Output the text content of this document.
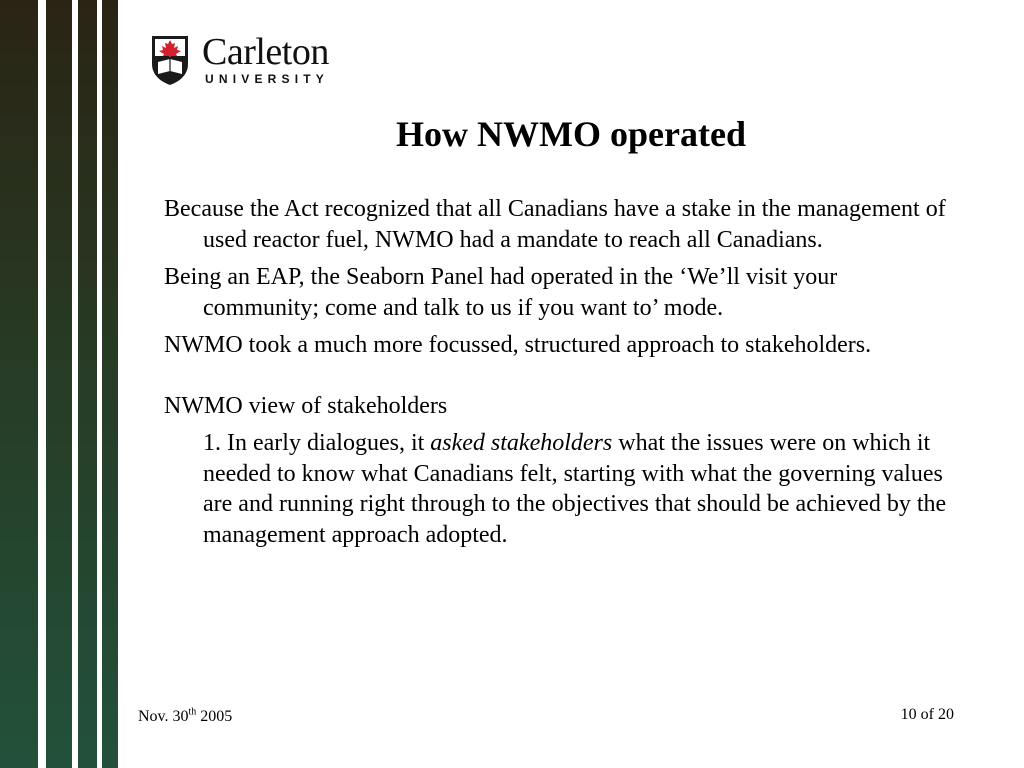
Carleton
UNIVERSITY
How NWMO operated

Because the Act recognized that all Canadians have a stake in the management of used reactor fuel, NWMO had a mandate to reach all Canadians.

Being an EAP, the Seaborn Panel had operated in the ‘We’ll visit your community; come and talk to us if you want to’ mode.

NWMO took a much more focussed, structured approach to stakeholders.

NWMO view of stakeholders

1. In early dialogues, it asked stakeholders what the issues were on which it needed to know what Canadians felt, starting with what the governing values are and running right through to the objectives that should be achieved by the management approach adopted.

Nov. 30th 2005	10 of 20
